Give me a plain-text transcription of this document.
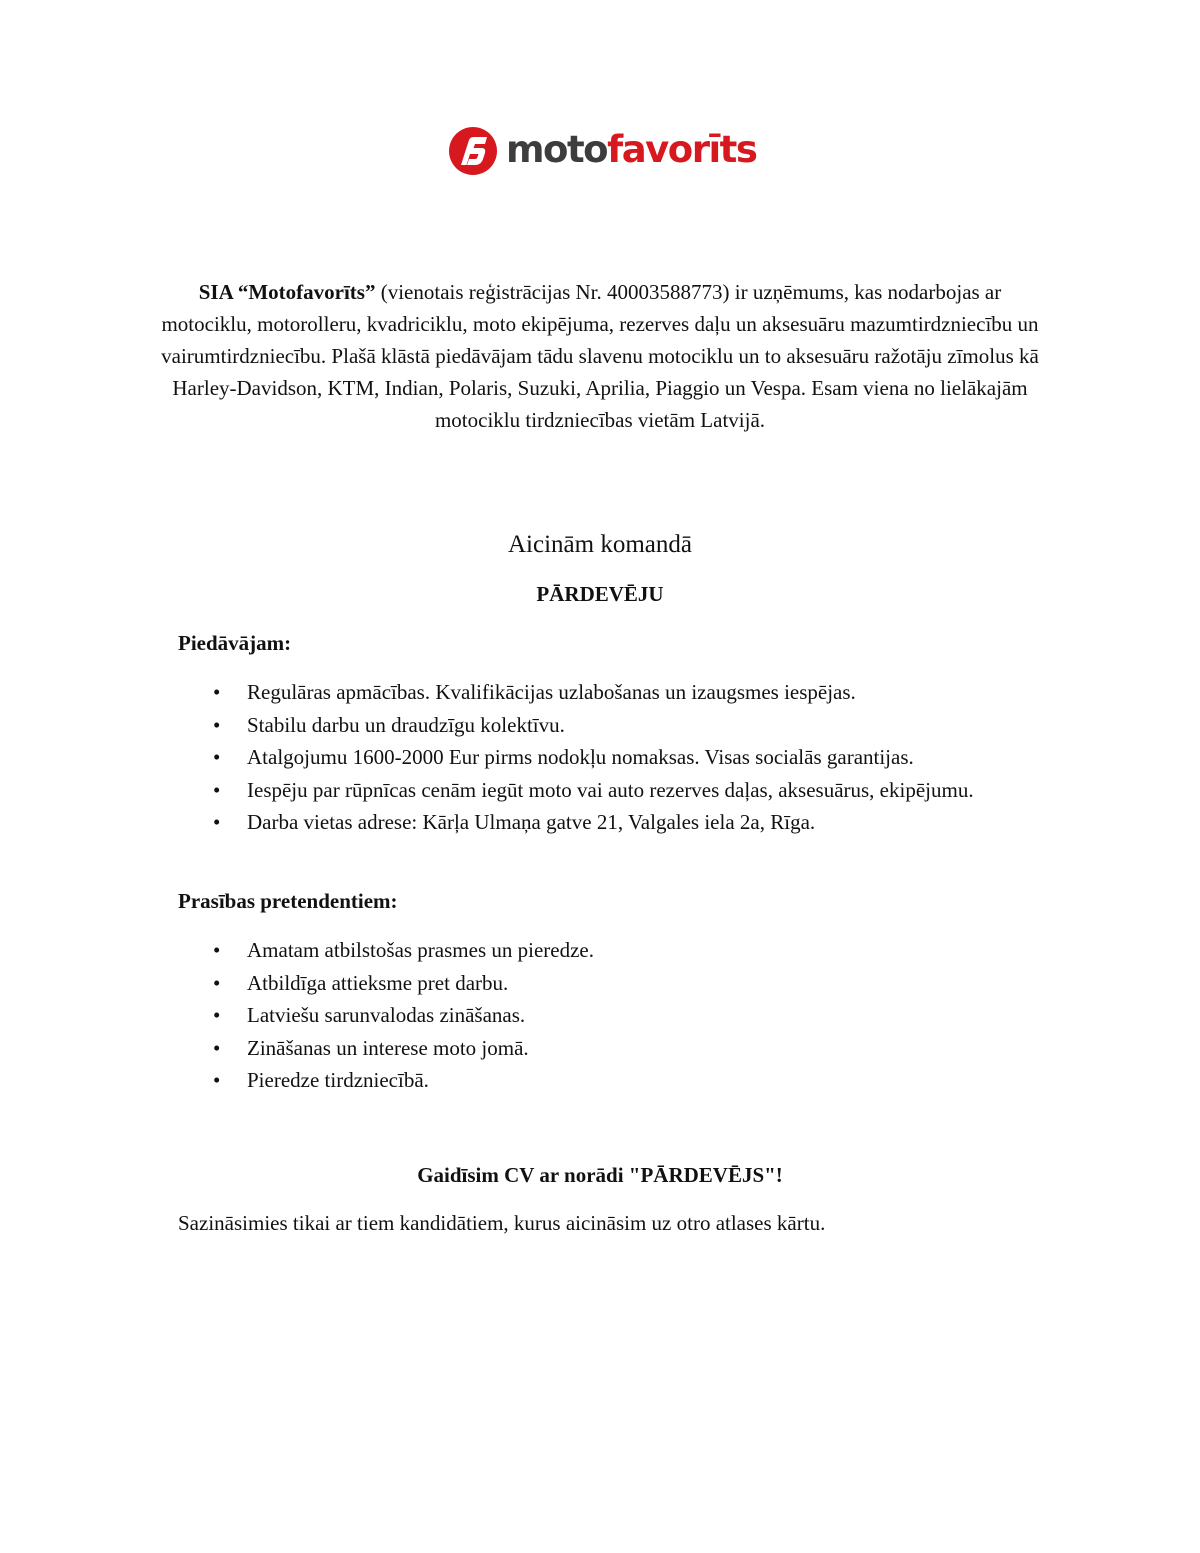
motofavorīts

SIA “Motofavorīts” (vienotais reģistrācijas Nr. 40003588773) ir uzņēmums, kas nodarbojas ar motociklu, motorolleru, kvadriciklu, moto ekipējuma, rezerves daļu un aksesuāru mazumtirdzniecību un vairumtirdzniecību. Plašā klāstā piedāvājam tādu slavenu motociklu un to aksesuāru ražotāju zīmolus kā Harley-Davidson, KTM, Indian, Polaris, Suzuki, Aprilia, Piaggio un Vespa. Esam viena no lielākajām motociklu tirdzniecības vietām Latvijā.

Aicinām komandā
PĀRDEVĒJU

Piedāvājam:

• Regulāras apmācības. Kvalifikācijas uzlabošanas un izaugsmes iespējas.
• Stabilu darbu un draudzīgu kolektīvu.
• Atalgojumu 1600-2000 Eur pirms nodokļu nomaksas. Visas socialās garantijas.
• Iespēju par rūpnīcas cenām iegūt moto vai auto rezerves daļas, aksesuārus, ekipējumu.
• Darba vietas adrese: Kārļa Ulmaņa gatve 21, Valgales iela 2a, Rīga.

Prasības pretendentiem:

• Amatam atbilstošas prasmes un pieredze.
• Atbildīga attieksme pret darbu.
• Latviešu sarunvalodas zināšanas.
• Zināšanas un interese moto jomā.
• Pieredze tirdzniecībā.

Gaidīsim CV ar norādi "PĀRDEVĒJS"!

Sazināsimies tikai ar tiem kandidātiem, kurus aicināsim uz otro atlases kārtu.
